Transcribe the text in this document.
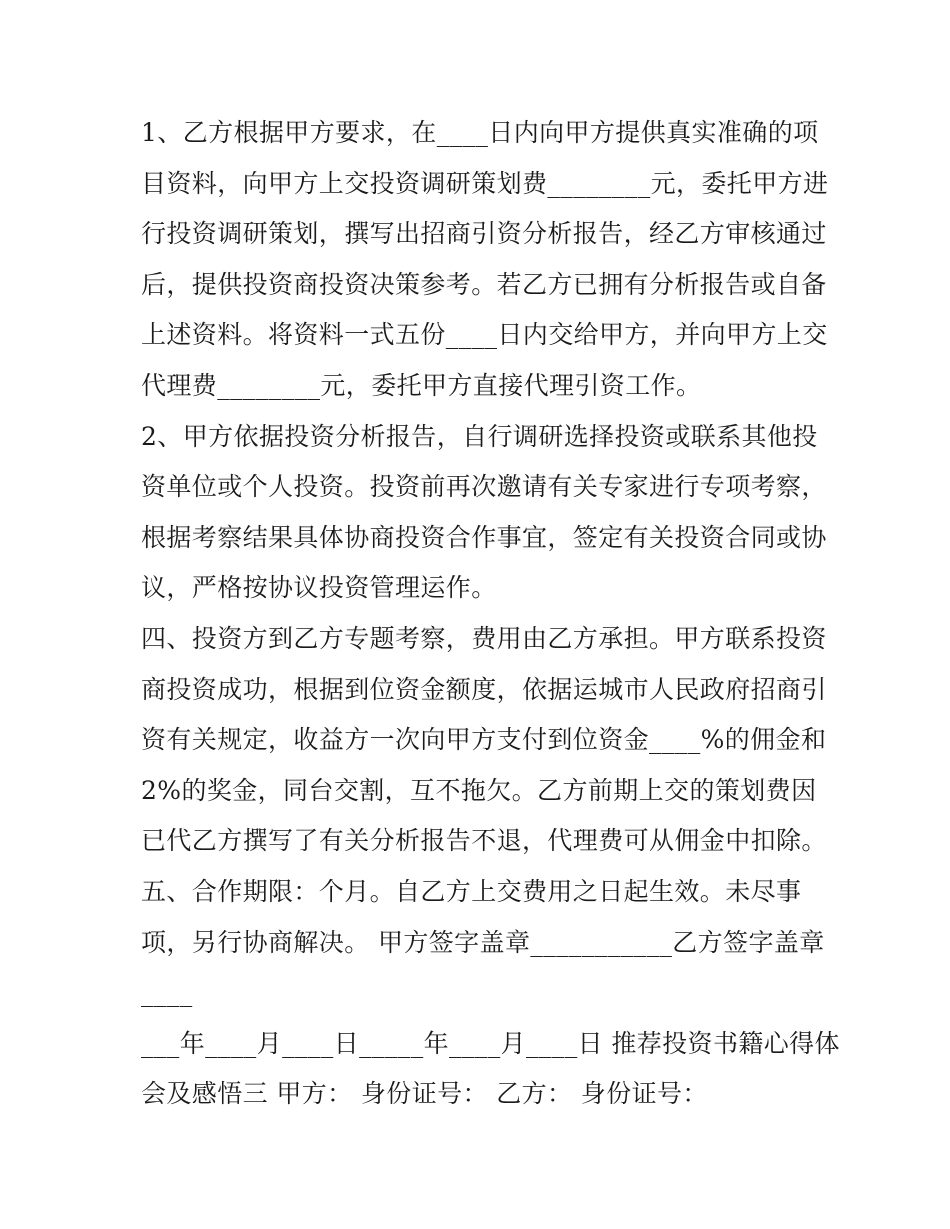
1、乙方根据甲方要求，在____日内向甲方提供真实准确的项
目资料，向甲方上交投资调研策划费________元，委托甲方进
行投资调研策划，撰写出招商引资分析报告，经乙方审核通过
后，提供投资商投资决策参考。若乙方已拥有分析报告或自备
上述资料。将资料一式五份____日内交给甲方，并向甲方上交
代理费________元，委托甲方直接代理引资工作。
2、甲方依据投资分析报告，自行调研选择投资或联系其他投
资单位或个人投资。投资前再次邀请有关专家进行专项考察，
根据考察结果具体协商投资合作事宜，签定有关投资合同或协
议，严格按协议投资管理运作。
四、投资方到乙方专题考察，费用由乙方承担。甲方联系投资
商投资成功，根据到位资金额度，依据运城市人民政府招商引
资有关规定，收益方一次向甲方支付到位资金____%的佣金和
2%的奖金，同台交割，互不拖欠。乙方前期上交的策划费因
已代乙方撰写了有关分析报告不退，代理费可从佣金中扣除。
五、合作期限：个月。自乙方上交费用之日起生效。未尽事
项，另行协商解决。 甲方签字盖章___________乙方签字盖章
____
___年____月____日_____年____月____日 推荐投资书籍心得体
会及感悟三 甲方： 身份证号： 乙方： 身份证号：
